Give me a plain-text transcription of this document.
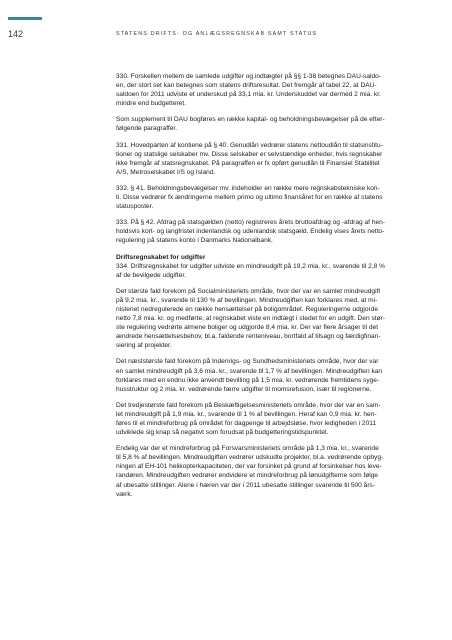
142	STATENS DRIFTS- OG ANLÆGSREGNSKAB SAMT STATUS

330. Forskellen mellem de samlede udgifter og indtægter på §§ 1-38 betegnes DAU-saldo-
en, der stort set kan betegnes som statens driftsresultat. Det fremgår af tabel 22, at DAU-
saldoen for 2011 udviste et underskud på 33,1 mia. kr. Underskuddet var dermed 2 mia. kr.
mindre end budgetteret.

Som supplement til DAU bogføres en række kapital- og beholdningsbevægelser på de efter-
følgende paragraffer.

331. Hovedparten af kontiene på § 40. Genudlån vedrører statens nettoudlån til statsinstitu-
tioner og statslige selskaber mv. Disse selskaber er selvstændige enheder, hvis regnskaber
ikke fremgår af statsregnskabet. På paragraffen er fx opført genudlån til Finansiel Stabilitet
A/S, Metroselskabet I/S og Island.

332. § 41. Beholdningsbevægelser mv. indeholder en række mere regnskabstekniske kon-
ti. Disse vedrører fx ændringerne mellem primo og ultimo finansåret for en række af statens
statusposter.

333. På § 42. Afdrag på statsgælden (netto) registreres årets bruttoafdrag og -afdrag af hen-
holdsvis kort- og langfristet indenlandsk og udenlandsk statsgæld. Endelig vises årets netto-
regulering på statens konto i Danmarks Nationalbank.

Driftsregnskabet for udgifter

334. Driftsregnskabet for udgifter udviste en mindreudgift på 19,2 mia. kr., svarende til 2,8 %
af de bevilgede udgifter.

Det største fald forekom på Socialministeriets område, hvor der var en samlet mindreudgift
på 9,2 mia. kr., svarende til 130 % af bevillingen. Mindreudgiften kan forklares med, at mi-
nisteriet nedregulerede en række hensættelser på boligområdet. Reguleringerne udgjorde
netto 7,8 mia. kr. og medførte, at regnskabet viste en indtægt i stedet for en udgift. Den stør-
ste regulering vedrørte almene boliger og udgjorde 8,4 mia. kr. Der var flere årsager til det
ændrede hensættelsesbehov, bl.a. faldende renteniveau, bortfald af tilsagn og færdigfinan-
siering af projekter.

Det næststørste fald forekom på Indenrigs- og Sundhedsministeriets område, hvor der var
en samlet mindreudgift på 3,6 mia. kr., svarende til 1,7 % af bevillingen. Mindreudgiften kan
forklares med en endnu ikke anvendt bevilling på 1,5 mia. kr. vedrørende fremtidens syge-
husstruktur og 2 mia. kr. vedrørende færre udgifter til momsrefusion, især til regionerne.

Det tredjestørste fald forekom på Beskæftigelsesministeriets område, hvor der var en sam-
let mindreudgift på 1,9 mia. kr., svarende til 1 % af bevillingen. Heraf kan 0,9 mia. kr. hen-
føres til et mindreforbrug på området for dagpenge til arbejdsløse, hvor ledigheden i 2011
udviklede sig knap så negativt som forudsat på budgetteringstidspunktet.

Endelig var der et mindreforbrug på Forsvarsministeriets område på 1,3 mia. kr., svarende
til 5,8 % af bevillingen. Mindreudgiften vedrører udskudte projekter, bl.a. vedrørende opbyg-
ningen af EH-101 helikopterkapaciteten, der var forsinket på grund af forsinkelser hos leve-
randøren. Mindreudgiften vedrører endvidere et mindreforbrug på lønudgifterne som følge
af ubesatte stillinger. Alene i hæren var der i 2011 ubesatte stillinger svarende til 500 års-
værk.
